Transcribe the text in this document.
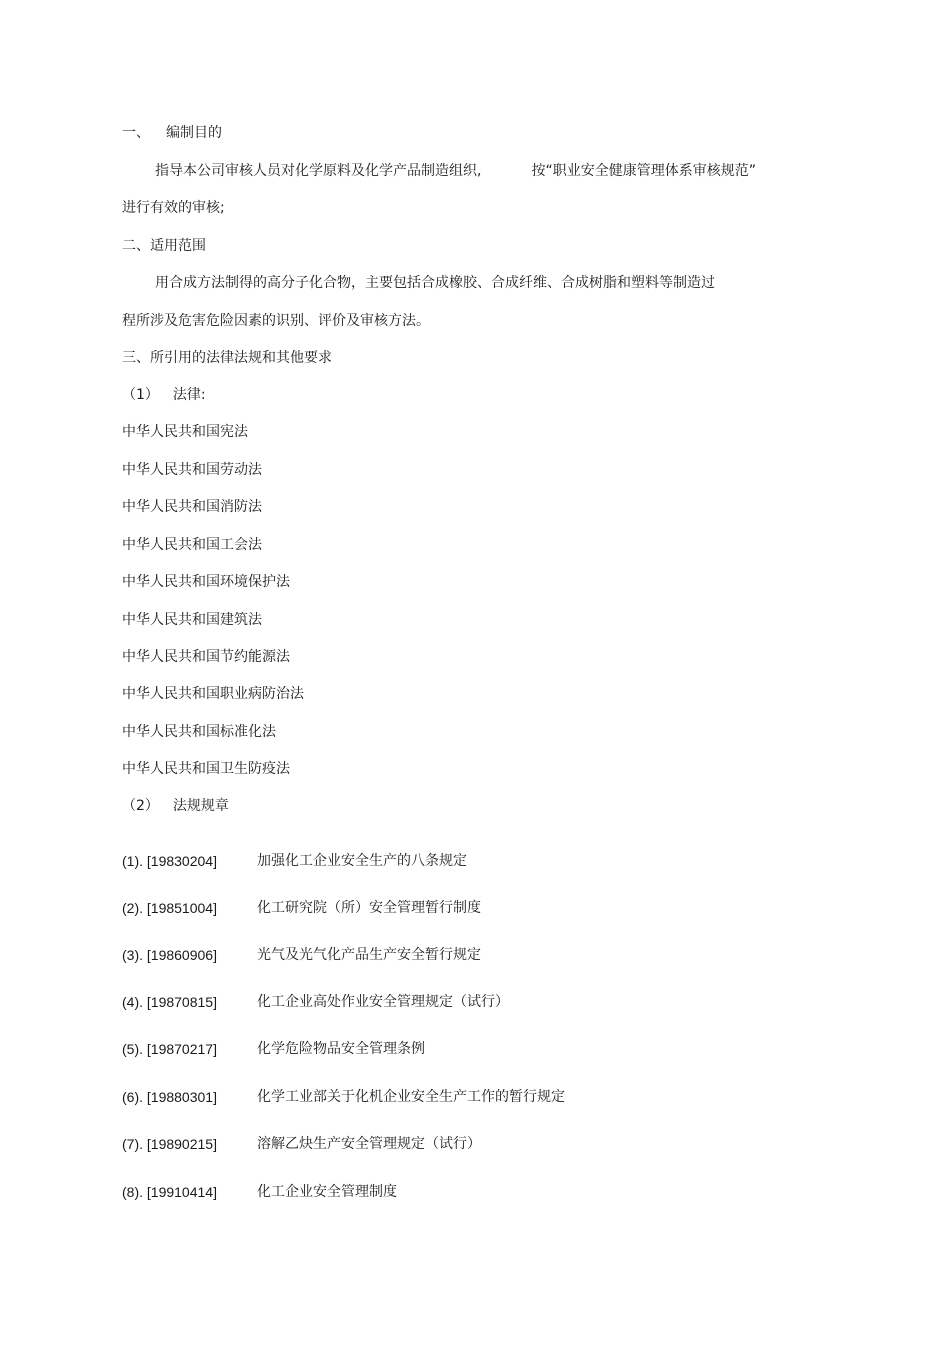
一、 编制目的
指导本公司审核人员对化学原料及化学产品制造组织,	按“职业安全健康管理体系审核规范”
进行有效的审核;
二、适用范围
用合成方法制得的高分子化合物，主要包括合成橡胶、合成纤维、合成树脂和塑料等制造过
程所涉及危害危险因素的识别、评价及审核方法。
三、所引用的法律法规和其他要求
（1） 法律:
中华人民共和国宪法
中华人民共和国劳动法
中华人民共和国消防法
中华人民共和国工会法
中华人民共和国环境保护法
中华人民共和国建筑法
中华人民共和国节约能源法
中华人民共和国职业病防治法
中华人民共和国标准化法
中华人民共和国卫生防疫法
（2） 法规规章
(1). [19830204]	加强化工企业安全生产的八条规定
(2). [19851004]	化工研究院（所）安全管理暂行制度
(3). [19860906]	光气及光气化产品生产安全暂行规定
(4). [19870815]	化工企业高处作业安全管理规定（试行）
(5). [19870217]	化学危险物品安全管理条例
(6). [19880301]	化学工业部关于化机企业安全生产工作的暂行规定
(7). [19890215]	溶解乙炔生产安全管理规定（试行）
(8). [19910414]	化工企业安全管理制度
